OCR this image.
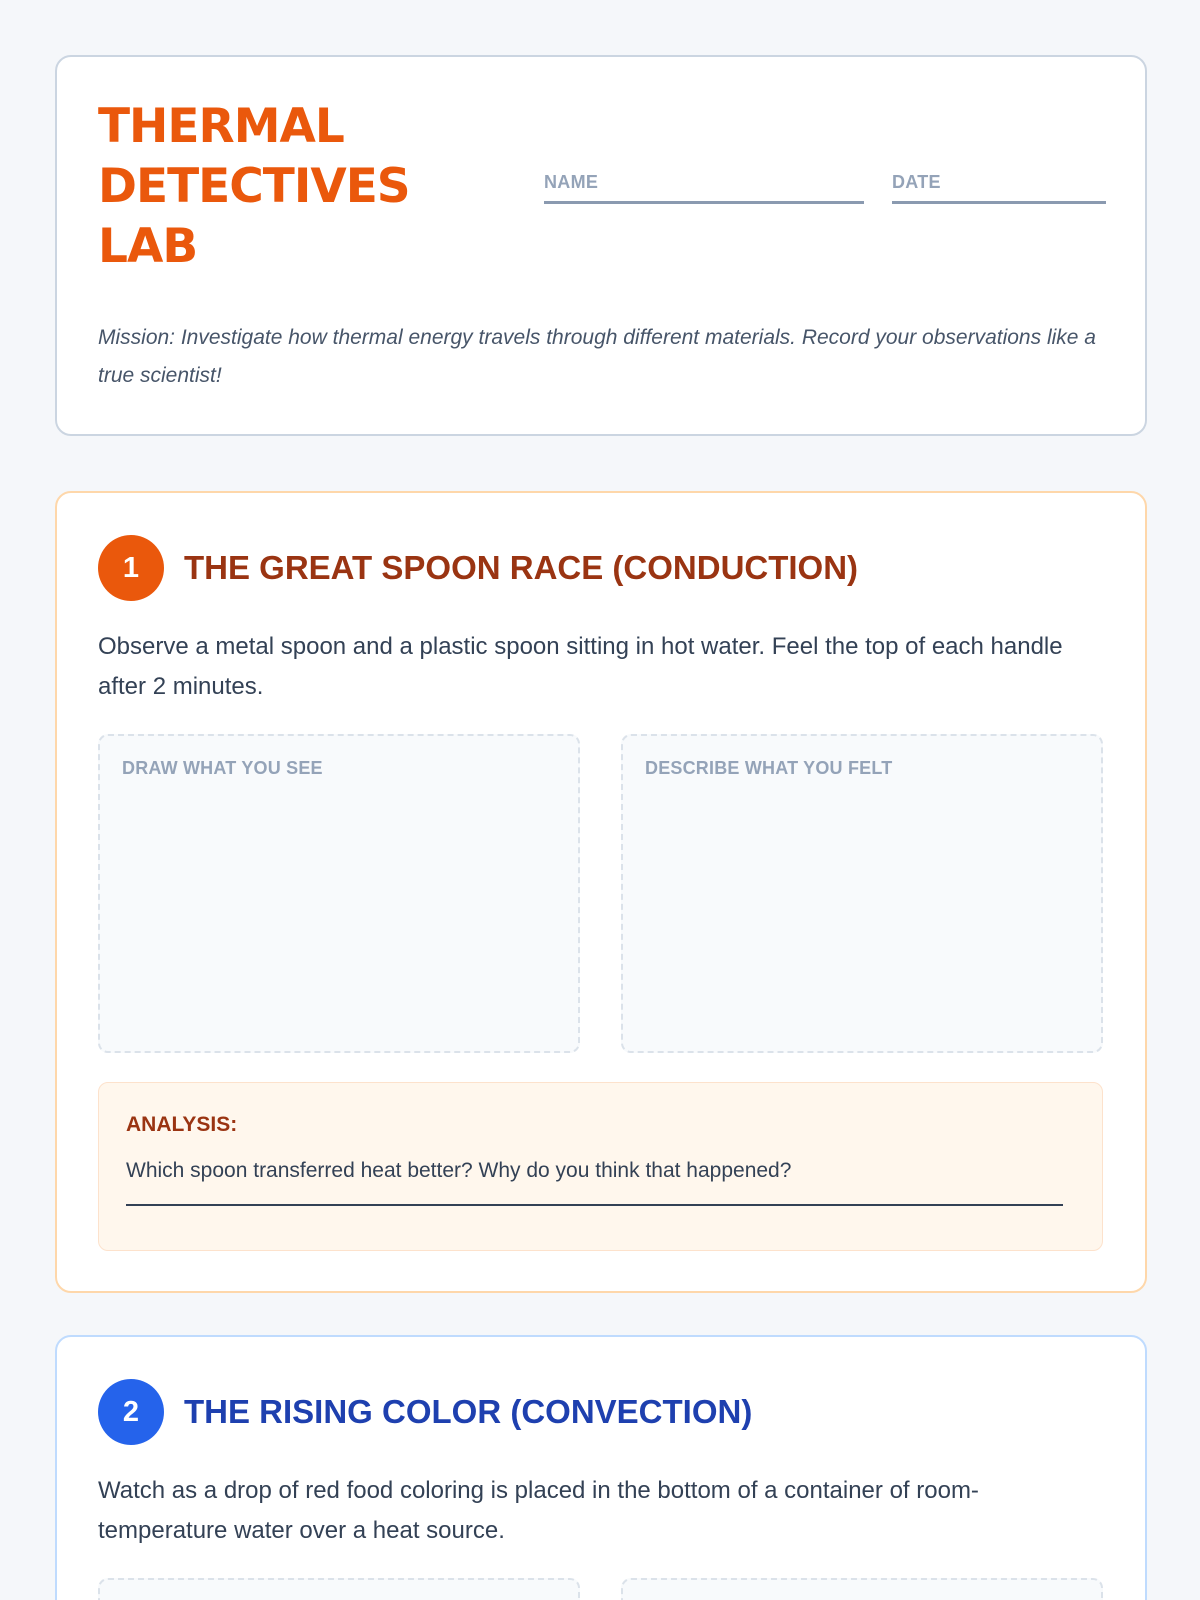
THERMAL DETECTIVES LAB
NAME	DATE
Mission: Investigate how thermal energy travels through different materials. Record your observations like a true scientist!
1	THE GREAT SPOON RACE (CONDUCTION)
Observe a metal spoon and a plastic spoon sitting in hot water. Feel the top of each handle after 2 minutes.
DRAW WHAT YOU SEE	DESCRIBE WHAT YOU FELT
ANALYSIS:
Which spoon transferred heat better? Why do you think that happened?
2	THE RISING COLOR (CONVECTION)
Watch as a drop of red food coloring is placed in the bottom of a container of room-temperature water over a heat source.
